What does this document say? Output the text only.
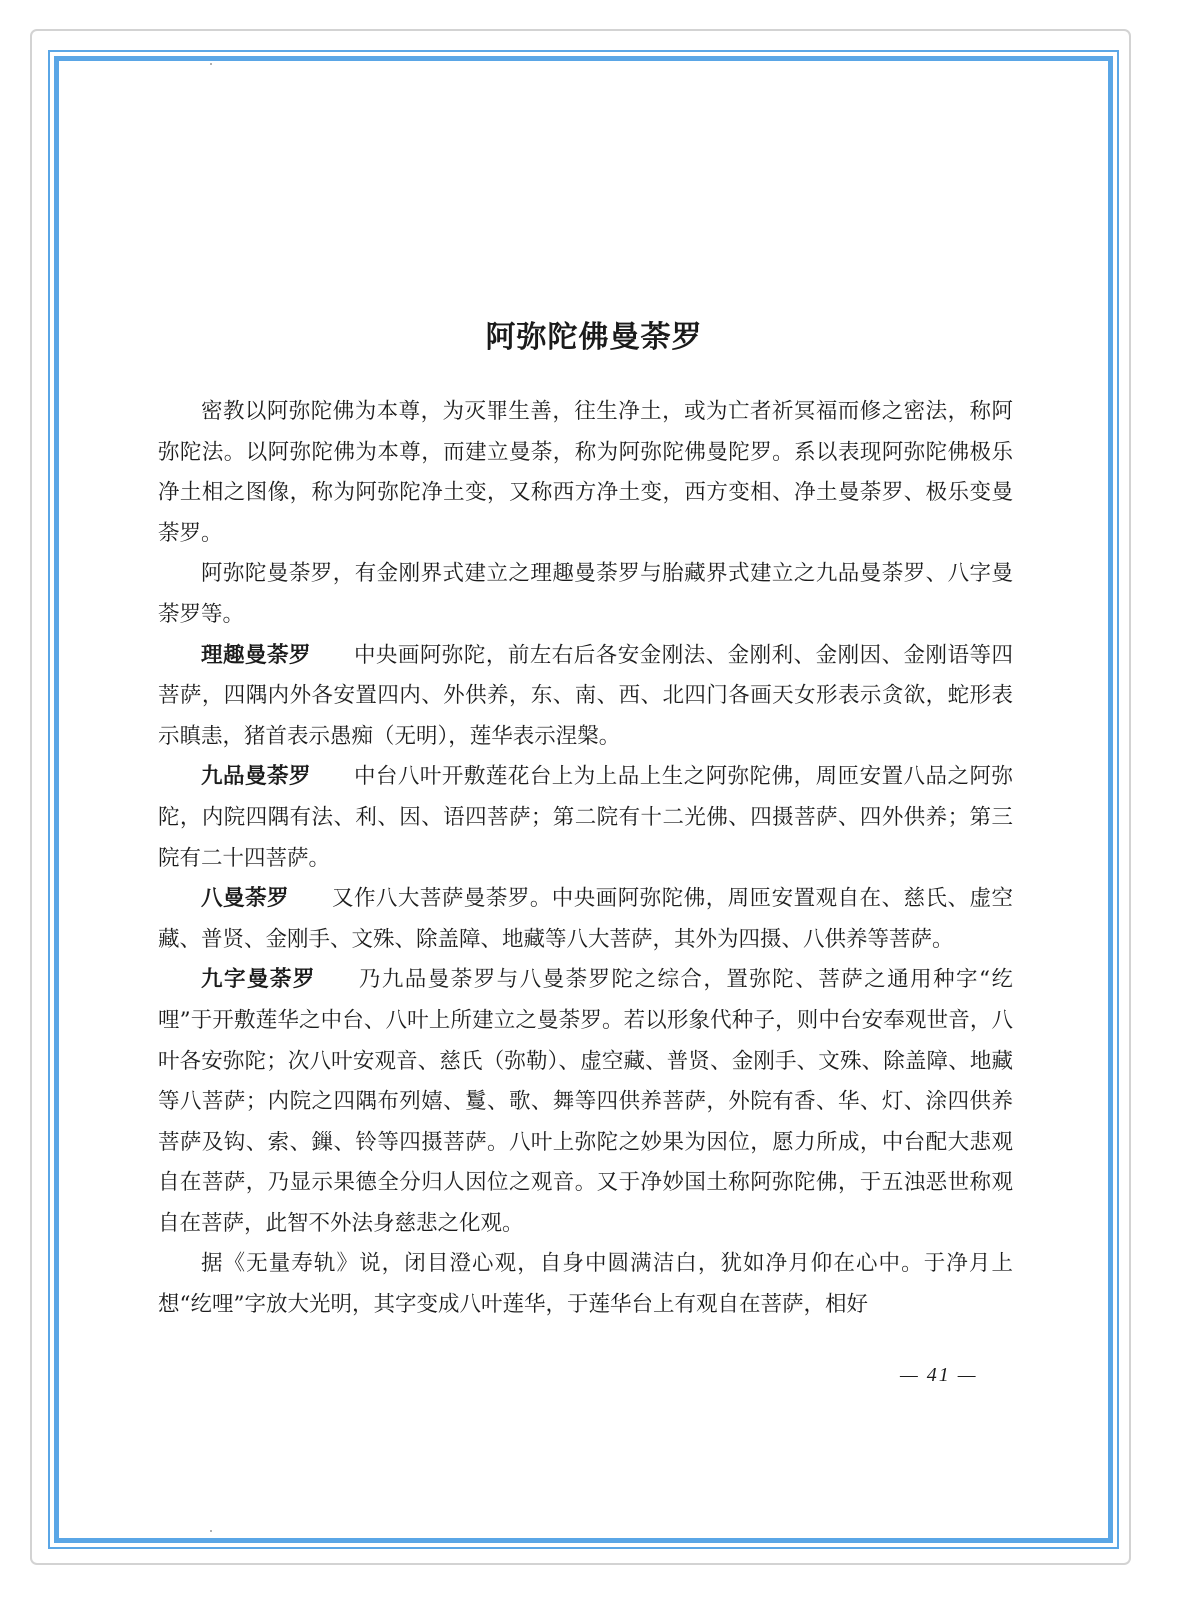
阿弥陀佛曼荼罗

密教以阿弥陀佛为本尊，为灭罪生善，往生净土，或为亡者祈冥福而修之密法，称阿弥陀法。以阿弥陀佛为本尊，而建立曼荼，称为阿弥陀佛曼陀罗。系以表现阿弥陀佛极乐净土相之图像，称为阿弥陀净土变，又称西方净土变，西方变相、净土曼荼罗、极乐变曼荼罗。

阿弥陀曼荼罗，有金刚界式建立之理趣曼荼罗与胎藏界式建立之九品曼荼罗、八字曼荼罗等。

理趣曼荼罗 中央画阿弥陀，前左右后各安金刚法、金刚利、金刚因、金刚语等四菩萨，四隅内外各安置四内、外供养，东、南、西、北四门各画天女形表示贪欲，蛇形表示瞋恚，猪首表示愚痴（无明），莲华表示涅槃。

九品曼荼罗 中台八叶开敷莲花台上为上品上生之阿弥陀佛，周匝安置八品之阿弥陀，内院四隅有法、利、因、语四菩萨；第二院有十二光佛、四摄菩萨、四外供养；第三院有二十四菩萨。

八曼荼罗 又作八大菩萨曼荼罗。中央画阿弥陀佛，周匝安置观自在、慈氏、虚空藏、普贤、金刚手、文殊、除盖障、地藏等八大菩萨，其外为四摄、八供养等菩萨。

九字曼荼罗 乃九品曼荼罗与八曼荼罗陀之综合，置弥陀、菩萨之通用种字“纥哩”于开敷莲华之中台、八叶上所建立之曼荼罗。若以形象代种子，则中台安奉观世音，八叶各安弥陀；次八叶安观音、慈氏（弥勒）、虚空藏、普贤、金刚手、文殊、除盖障、地藏等八菩萨；内院之四隅布列嬉、鬘、歌、舞等四供养菩萨，外院有香、华、灯、涂四供养菩萨及钩、索、鏁、铃等四摄菩萨。八叶上弥陀之妙果为因位，愿力所成，中台配大悲观自在菩萨，乃显示果德全分归人因位之观音。又于净妙国土称阿弥陀佛，于五浊恶世称观自在菩萨，此智不外法身慈悲之化观。

据《无量寿轨》说，闭目澄心观，自身中圆满洁白，犹如净月仰在心中。于净月上想“纥哩”字放大光明，其字变成八叶莲华，于莲华台上有观自在菩萨，相好

— 41 —
